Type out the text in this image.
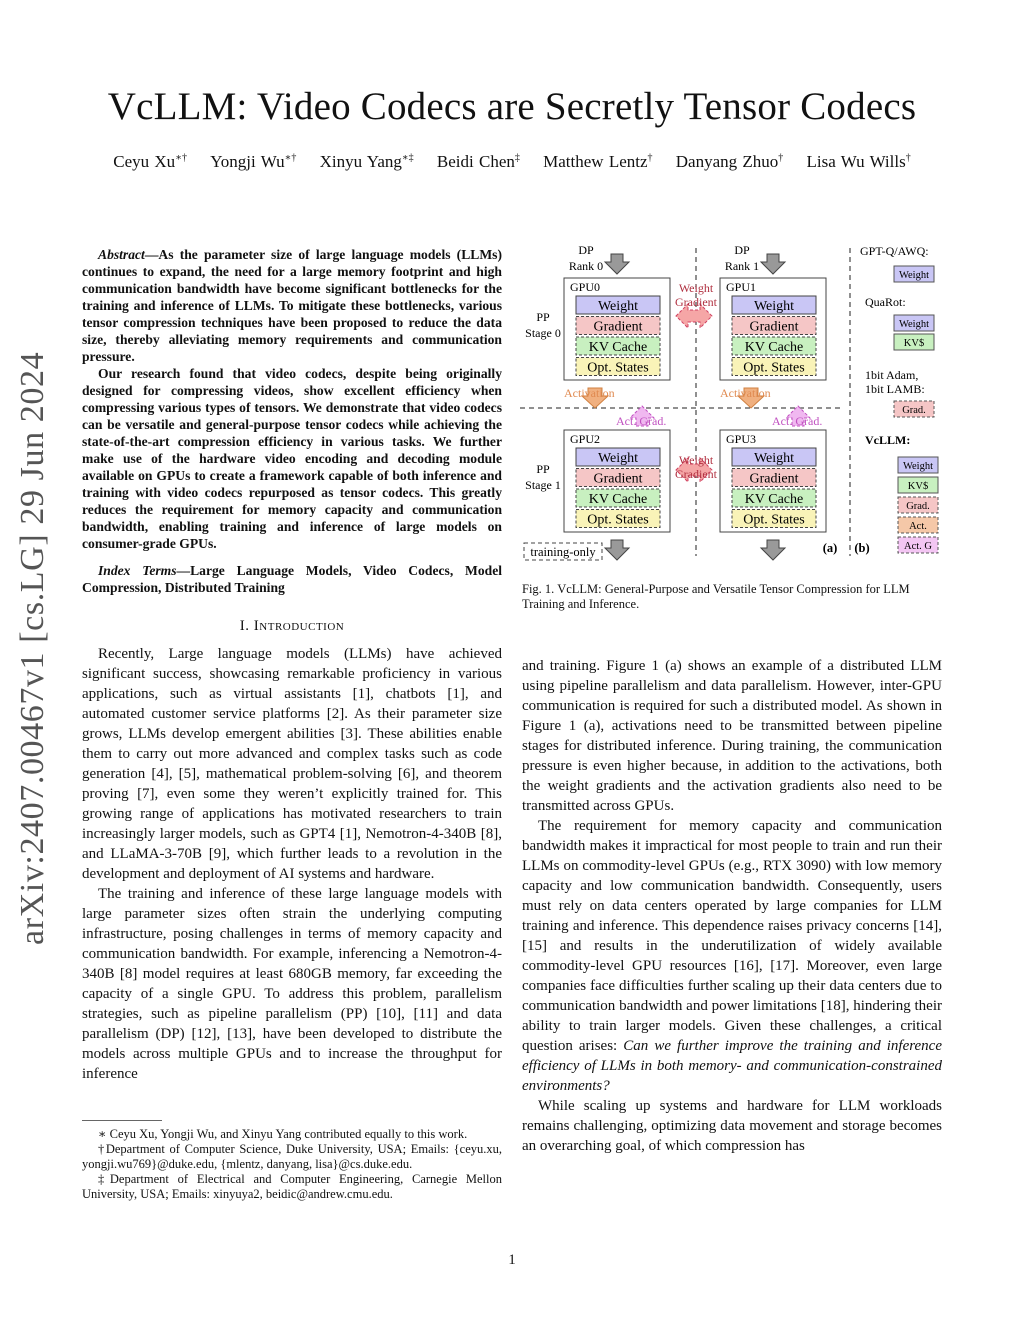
arXiv:2407.00467v1 [cs.LG] 29 Jun 2024
VcLLM: Video Codecs are Secretly Tensor Codecs
Ceyu Xu∗† Yongji Wu∗† Xinyu Yang∗‡ Beidi Chen‡ Matthew Lentz† Danyang Zhuo† Lisa Wu Wills†

Abstract—As the parameter size of large language models (LLMs) continues to expand, the need for a large memory footprint and high communication bandwidth have become significant bottlenecks for the training and inference of LLMs. To mitigate these bottlenecks, various tensor compression techniques have been proposed to reduce the data size, thereby alleviating memory requirements and communication pressure.

Our research found that video codecs, despite being originally designed for compressing videos, show excellent efficiency when compressing various types of tensors. We demonstrate that video codecs can be versatile and general-purpose tensor codecs while achieving the state-of-the-art compression efficiency in various tasks. We further make use of the hardware video encoding and decoding module available on GPUs to create a framework capable of both inference and training with video codecs repurposed as tensor codecs. This greatly reduces the requirement for memory capacity and communication bandwidth, enabling training and inference of large models on consumer-grade GPUs.

Index Terms—Large Language Models, Video Codecs, Model Compression, Distributed Training

I. Introduction

Recently, Large language models (LLMs) have achieved significant success, showcasing remarkable proficiency in various applications, such as virtual assistants [1], chatbots [1], and automated customer service platforms [2]. As their parameter size grows, LLMs develop emergent abilities [3]. These abilities enable them to carry out more advanced and complex tasks such as code generation [4], [5], mathematical problem-solving [6], and theorem proving [7], even some they weren’t explicitly trained for. This growing range of applications has motivated researchers to train increasingly larger models, such as GPT4 [1], Nemotron-4-340B [8], and LLaMA-3-70B [9], which further leads to a revolution in the development and deployment of AI systems and hardware.

The training and inference of these large language models with large parameter sizes often strain the underlying computing infrastructure, posing challenges in terms of memory capacity and communication bandwidth. For example, inferencing a Nemotron-4-340B [8] model requires at least 680GB memory, far exceeding the capacity of a single GPU. To address this problem, parallelism strategies, such as pipeline parallelism (PP) [10], [11] and data parallelism (DP) [12], [13], have been developed to distribute the models across multiple GPUs and to increase the throughput for inference

∗ Ceyu Xu, Yongji Wu, and Xinyu Yang contributed equally to this work.

†Department of Computer Science, Duke University, USA; Emails: {ceyu.xu, yongji.wu769}@duke.edu, {mlentz, danyang, lisa}@cs.duke.edu.

‡Department of Electrical and Computer Engineering, Carnegie Mellon University, USA; Emails: xinyuya2, beidic@andrew.cmu.edu.

DP
Rank 0
DP
Rank 1
PP
Stage 0
PP
Stage 1
GPU0
Weight
Gradient
KV Cache
Opt. States
GPU1
Weight
Gradient
KV Cache
Opt. States
GPU2
Weight
Gradient
KV Cache
Opt. States
GPU3
Weight
Gradient
KV Cache
Opt. States
Weight
Gradient
Weight
Gradient
Activation	Activation
Act. Grad.	Act. Grad.
training-only	(a) (b)
GPT-Q/AWQ:
QuaRot:
1bit Adam,
1bit LAMB:
VcLLM:
Weight
Weight
KV$
Grad.
Weight
KV$
Grad.
Act.
Act. G
Fig. 1. VcLLM: General-Purpose and Versatile Tensor Compression for LLM Training and Inference.

and training. Figure 1 (a) shows an example of a distributed LLM using pipeline parallelism and data parallelism. However, inter-GPU communication is required for such a distributed model. As shown in Figure 1 (a), activations need to be transmitted between pipeline stages for distributed inference. During training, the communication pressure is even higher because, in addition to the activations, both the weight gradients and the activation gradients also need to be transmitted across GPUs.

The requirement for memory capacity and communication bandwidth makes it impractical for most people to train and run their LLMs on commodity-level GPUs (e.g., RTX 3090) with low memory capacity and low communication bandwidth. Consequently, users must rely on data centers operated by large companies for LLM training and inference. This dependence raises privacy concerns [14], [15] and results in the underutilization of widely available commodity-level GPU resources [16], [17]. Moreover, even large companies face difficulties further scaling up their data centers due to communication bandwidth and power limitations [18], hindering their ability to train larger models. Given these challenges, a critical question arises: Can we further improve the training and inference efficiency of LLMs in both memory- and communication-constrained environments?

While scaling up systems and hardware for LLM workloads remains challenging, optimizing data movement and storage becomes an overarching goal, of which compression has

1
